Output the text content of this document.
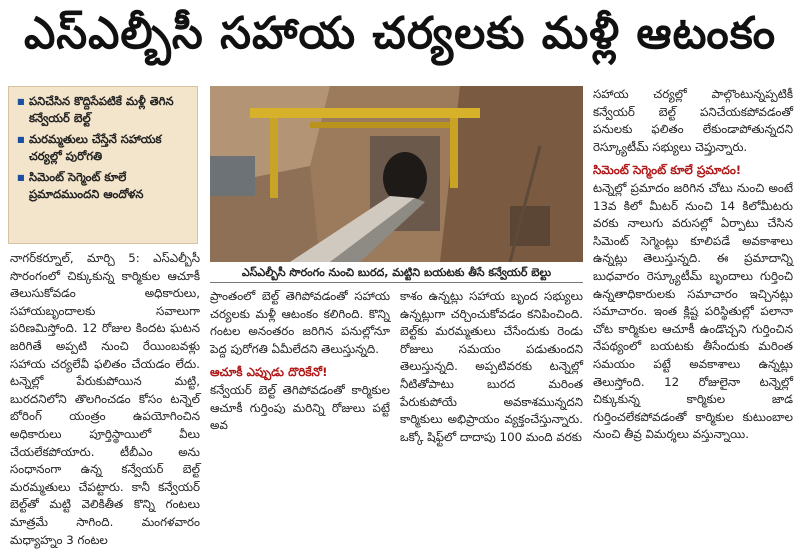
ఎస్ఎల్బీసీ సహాయ చర్యలకు మళ్లీ ఆటంకం
■ పనిచేసిన కొద్దిసేపటికే మళ్లీ తెగిన కన్వేయర్ బెల్ట్
■ మరమ్మతులు చేస్తేనే సహాయక చర్యల్లో పురోగతి
■ సిమెంట్ సెగ్మెంట్ కూలే ప్రమాదముందని ఆందోళన

నాగర్‌కర్నూల్, మార్చి 5: ఎస్ఎల్బీసీ సొరంగంలో చిక్కుకున్న కార్మికుల ఆచూకీ తెలుసుకోవడం అధికారులు, సహాయబృందాలకు సవాలుగా పరిణమిస్తోంది. 12 రోజుల కిందట ఘటన జరిగితే అప్పటి నుంచి రేయింబవళ్లు సహాయ చర్యలేవీ ఫలితం చేయడం లేదు. టన్నెల్లో పేరుకుపోయిన మట్టి, బురదనిలోని తొలగించడం కోసం టన్నెల్ బోరింగ్ యంత్రం ఉపయోగించిన అధికారులు పూర్తిస్థాయిలో వీలు చేయలేకపోయారు. టీబీఎం అను సంధానంగా ఉన్న కన్వేయర్ బెల్ట్ మరమ్మతులు చేపట్టారు. కానీ కన్వేయర్ బెల్ట్‌తో మట్టి వెలికితీత కొన్ని గంటలు మాత్రమే సాగింది. మంగళవారం మధ్యాహ్నం 3 గంటల

ఎస్ఎల్బీసీ సొరంగం నుంచి బురద, మట్టిని బయటకు తీసే కన్వేయర్ బెల్టు

ప్రాంతంలో బెల్ట్ తెగిపోవడంతో సహాయ చర్యలకు మళ్లీ ఆటంకం కలిగింది. కొన్ని గంటల అనంతరం జరిగిన పనుల్లోనూ పెద్ద పురోగతి ఏమీలేదని తెలుస్తున్నది.

ఆచూకీ ఎప్పుడు దొరికేనో!

కన్వేయర్ బెల్ట్ తెగిపోవడంతో కార్మికుల ఆచూకీ గుర్తింపు మరిన్ని రోజులు పట్టే అవ

కాశం ఉన్నట్లు సహాయ బృంద సభ్యులు ఉన్నట్లుగా చర్చించుకోవడం కనిపించింది. బెల్ట్‌కు మరమ్మతులు చేసేందుకు రెండు రోజులు సమయం పడుతుందని తెలుస్తున్నది. అప్పటివరకు టన్నెల్లో నీటితోపాటు బురద మరింత పేరుకుపోయే అవకాశమున్నదని కార్మికులు అభిప్రాయం వ్యక్తంచేస్తున్నారు. ఒక్కో షిఫ్ట్‌లో దాదాపు 100 మంది వరకు

సహాయ చర్యల్లో పాల్గొంటున్నప్పటికీ కన్వేయర్ బెల్ట్ పనిచేయకపోవడంతో పనులకు ఫలితం లేకుండాపోతున్నదని రెస్క్యూటీమ్ సభ్యులు చెప్తున్నారు.

సిమెంట్ సెగ్మెంట్ కూలే ప్రమాదం!

టన్నెల్లో ప్రమాదం జరిగిన చోటు నుంచి అంటే 13వ కిలో మీటర్ నుంచి 14 కిలోమీటరు వరకు నాలుగు వరుసల్లో ఏర్పాటు చేసిన సిమెంట్ సెగ్మెంట్లు కూలిపడే అవకాశాలు ఉన్నట్లు తెలుస్తున్నది. ఈ ప్రమాదాన్ని బుధవారం రెస్క్యూటీమ్ బృందాలు గుర్తించి ఉన్నతాధికారులకు సమాచారం ఇచ్చినట్లు సమాచారం. ఇంత క్లిష్ట పరిస్థితుల్లో పలానా చోట కార్మికుల ఆచూకీ ఉండొచ్చని గుర్తించిన నేపథ్యంలో బయటకు తీసేందుకు మరింత సమయం పట్టే అవకాశాలు ఉన్నట్లు తెలుస్తోంది. 12 రోజులైనా టన్నెల్లో చిక్కుకున్న కార్మికుల జాడ గుర్తించలేకపోవడంతో కార్మికుల కుటుంబాల నుంచి తీవ్ర విమర్శలు వస్తున్నాయి.
